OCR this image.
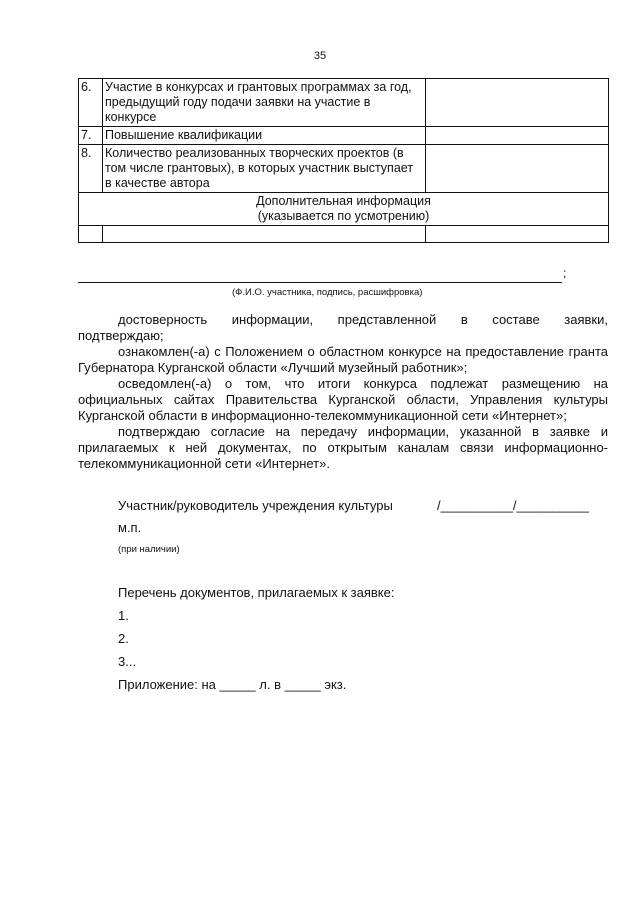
35
6.	Участие в конкурсах и грантовых программах за год, предыдущий году подачи заявки на участие в конкурсе	
7.	Повышение квалификации	
8.	Количество реализованных творческих проектов (в том числе грантовых), в которых участник выступает в качестве автора	

Дополнительная информация
(указывается по усмотрению)		

;
(Ф.И.О. участника, подпись, расшифровка)
достоверность информации, представленной в составе заявки,

подтверждаю;

ознакомлен(-а) с Положением о областном конкурсе на предоставление гранта Губернатора Курганской области «Лучший музейный работник»;

осведомлен(-а) о том, что итоги конкурса подлежат размещению на официальных сайтах Правительства Курганской области, Управления культуры Курганской области в информационно-телекоммуникационной сети «Интернет»;

подтверждаю согласие на передачу информации, указанной в заявке и прилагаемых к ней документах, по открытым каналам связи информационно-телекоммуникационной сети «Интернет».

Участник/руководитель учреждения культуры	/__________/__________
м.п.
(при наличии)
Перечень документов, прилагаемых к заявке:
1.
2.
3...
Приложение: на _____ л. в _____ экз.
